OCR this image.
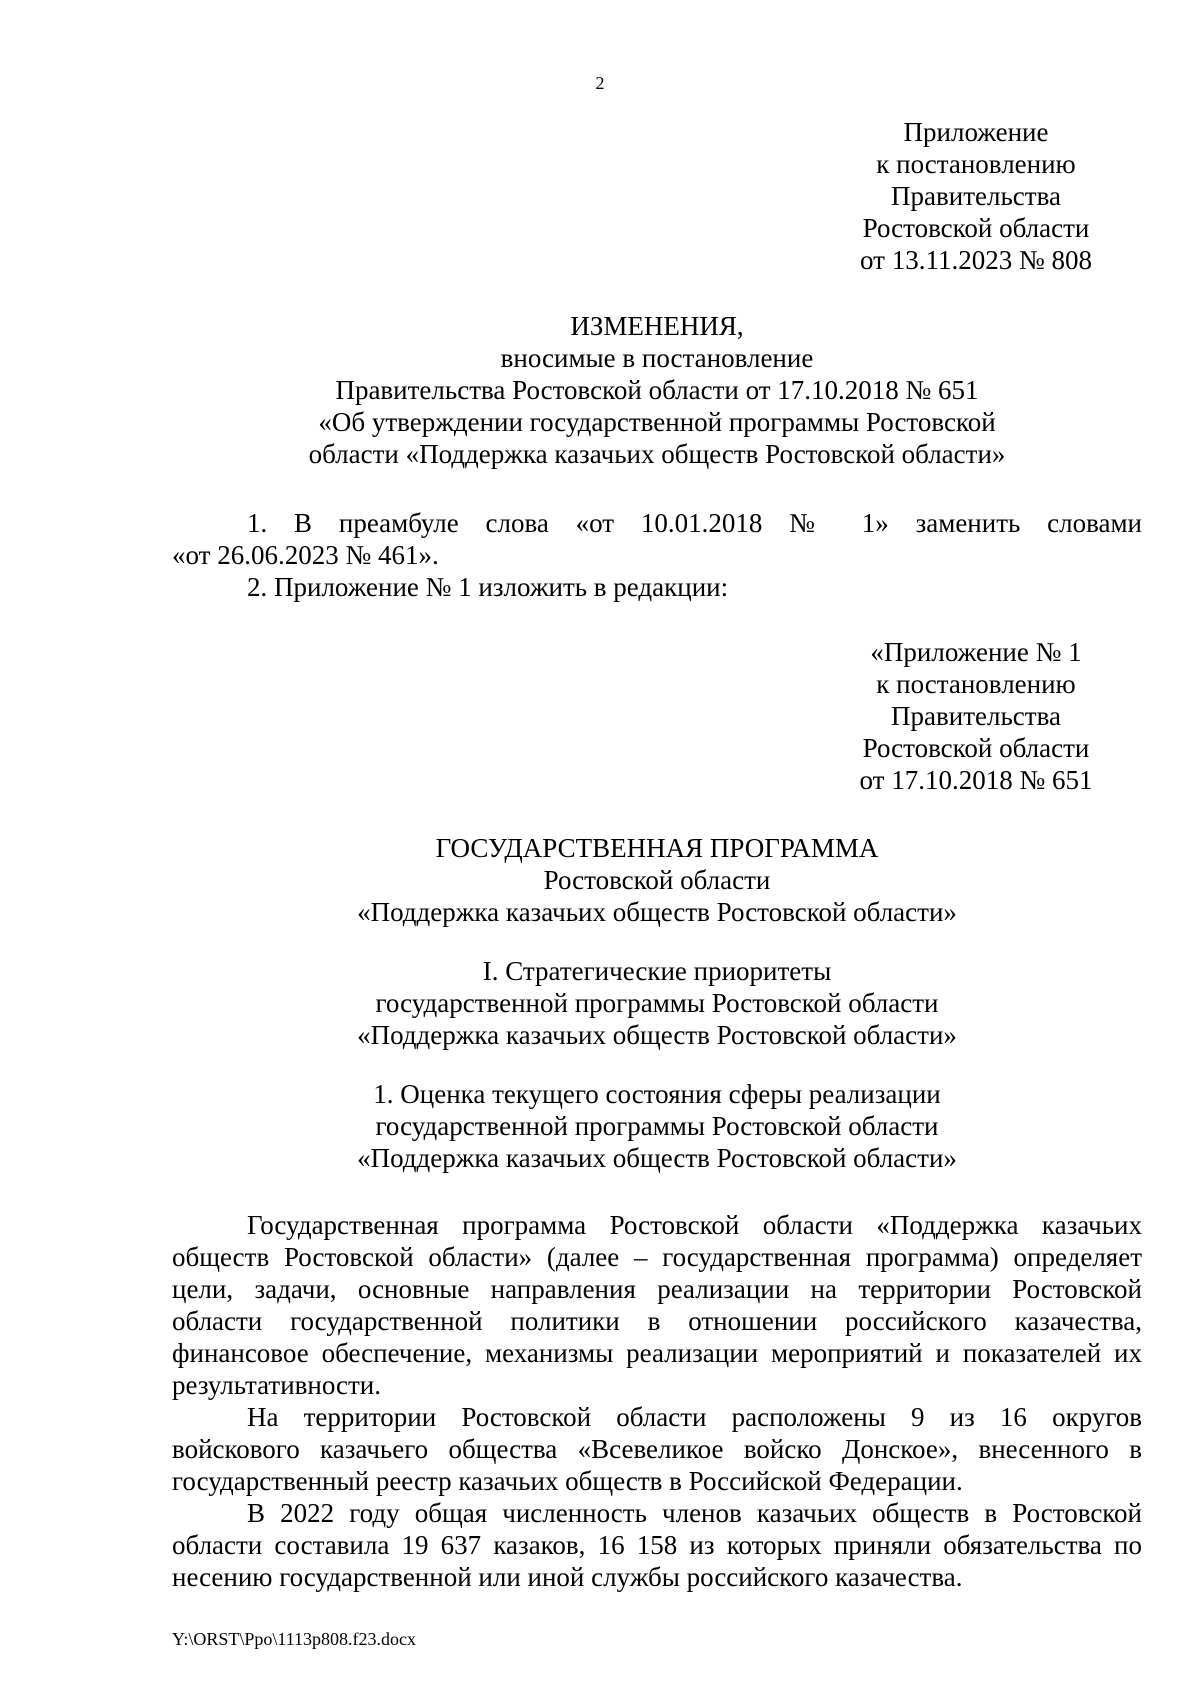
2
Приложение
к постановлению
Правительства
Ростовской области
от 13.11.2023 № 808
ИЗМЕНЕНИЯ,
вносимые в постановление
Правительства Ростовской области от 17.10.2018 № 651
«Об утверждении государственной программы Ростовской
области «Поддержка казачьих обществ Ростовской области»
1. В преамбуле слова «от 10.01.2018 № 1» заменить словами
«от 26.06.2023 № 461».
2. Приложение № 1 изложить в редакции:
«Приложение № 1
к постановлению
Правительства
Ростовской области
от 17.10.2018 № 651
ГОСУДАРСТВЕННАЯ ПРОГРАММА
Ростовской области
«Поддержка казачьих обществ Ростовской области»
I. Стратегические приоритеты
государственной программы Ростовской области
«Поддержка казачьих обществ Ростовской области»
1. Оценка текущего состояния сферы реализации
государственной программы Ростовской области
«Поддержка казачьих обществ Ростовской области»
Государственная программа Ростовской области «Поддержка казачьих
обществ Ростовской области» (далее – государственная программа) определяет
цели, задачи, основные направления реализации на территории Ростовской
области государственной политики в отношении российского казачества,
финансовое обеспечение, механизмы реализации мероприятий и показателей их
результативности.
На территории Ростовской области расположены 9 из 16 округов
войскового казачьего общества «Всевеликое войско Донское», внесенного в
государственный реестр казачьих обществ в Российской Федерации.
В 2022 году общая численность членов казачьих обществ в Ростовской
области составила 19 637 казаков, 16 158 из которых приняли обязательства по
несению государственной или иной службы российского казачества.
Y:\ORST\Ppo\1113p808.f23.docx
